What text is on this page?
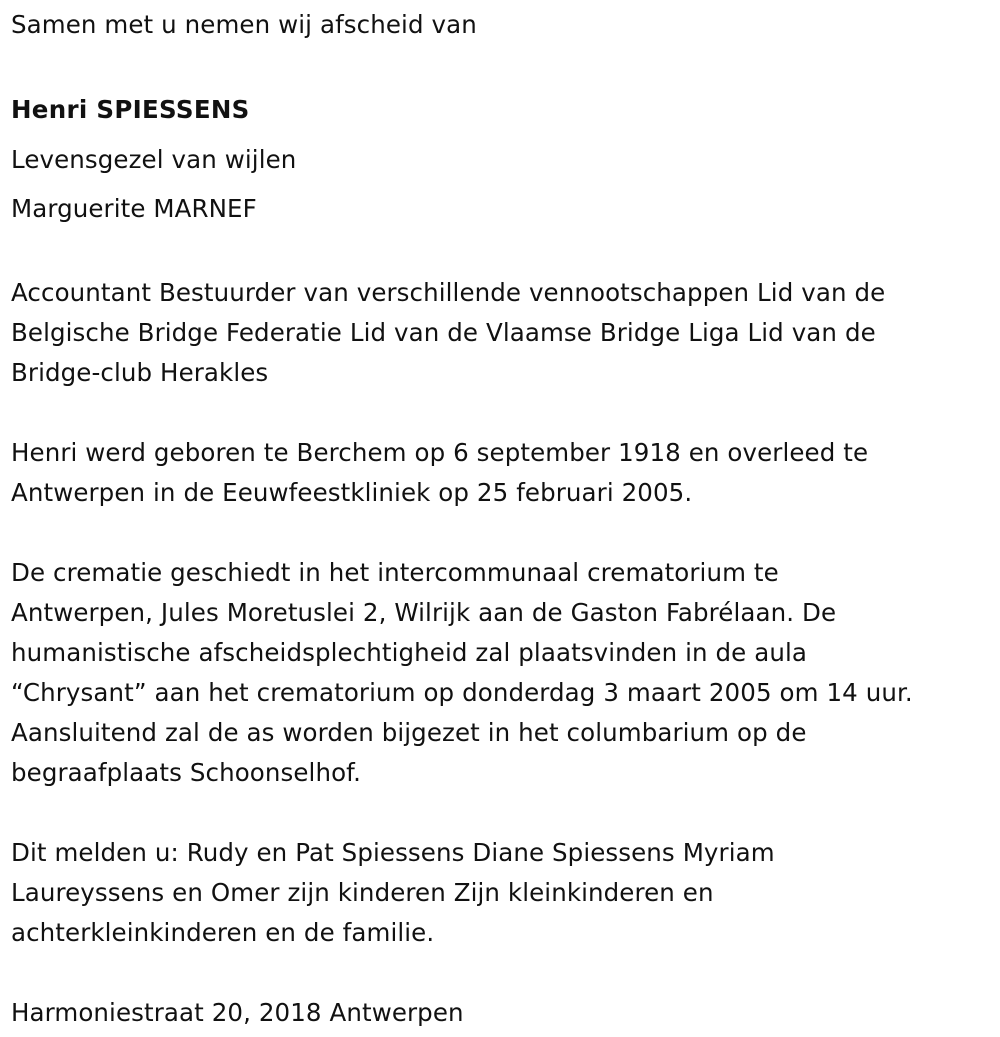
Samen met u nemen wij afscheid van
Henri SPIESSENS
Levensgezel van wijlen
Marguerite MARNEF
Accountant Bestuurder van verschillende vennootschappen Lid van de
Belgische Bridge Federatie Lid van de Vlaamse Bridge Liga Lid van de
Bridge-club Herakles
Henri werd geboren te Berchem op 6 september 1918 en overleed te
Antwerpen in de Eeuwfeestkliniek op 25 februari 2005.
De crematie geschiedt in het intercommunaal crematorium te
Antwerpen, Jules Moretuslei 2, Wilrijk aan de Gaston Fabrélaan. De
humanistische afscheidsplechtigheid zal plaatsvinden in de aula
“Chrysant” aan het crematorium op donderdag 3 maart 2005 om 14 uur.
Aansluitend zal de as worden bijgezet in het columbarium op de
begraafplaats Schoonselhof.
Dit melden u: Rudy en Pat Spiessens Diane Spiessens Myriam
Laureyssens en Omer zijn kinderen Zijn kleinkinderen en
achterkleinkinderen en de familie.
Harmoniestraat 20, 2018 Antwerpen
